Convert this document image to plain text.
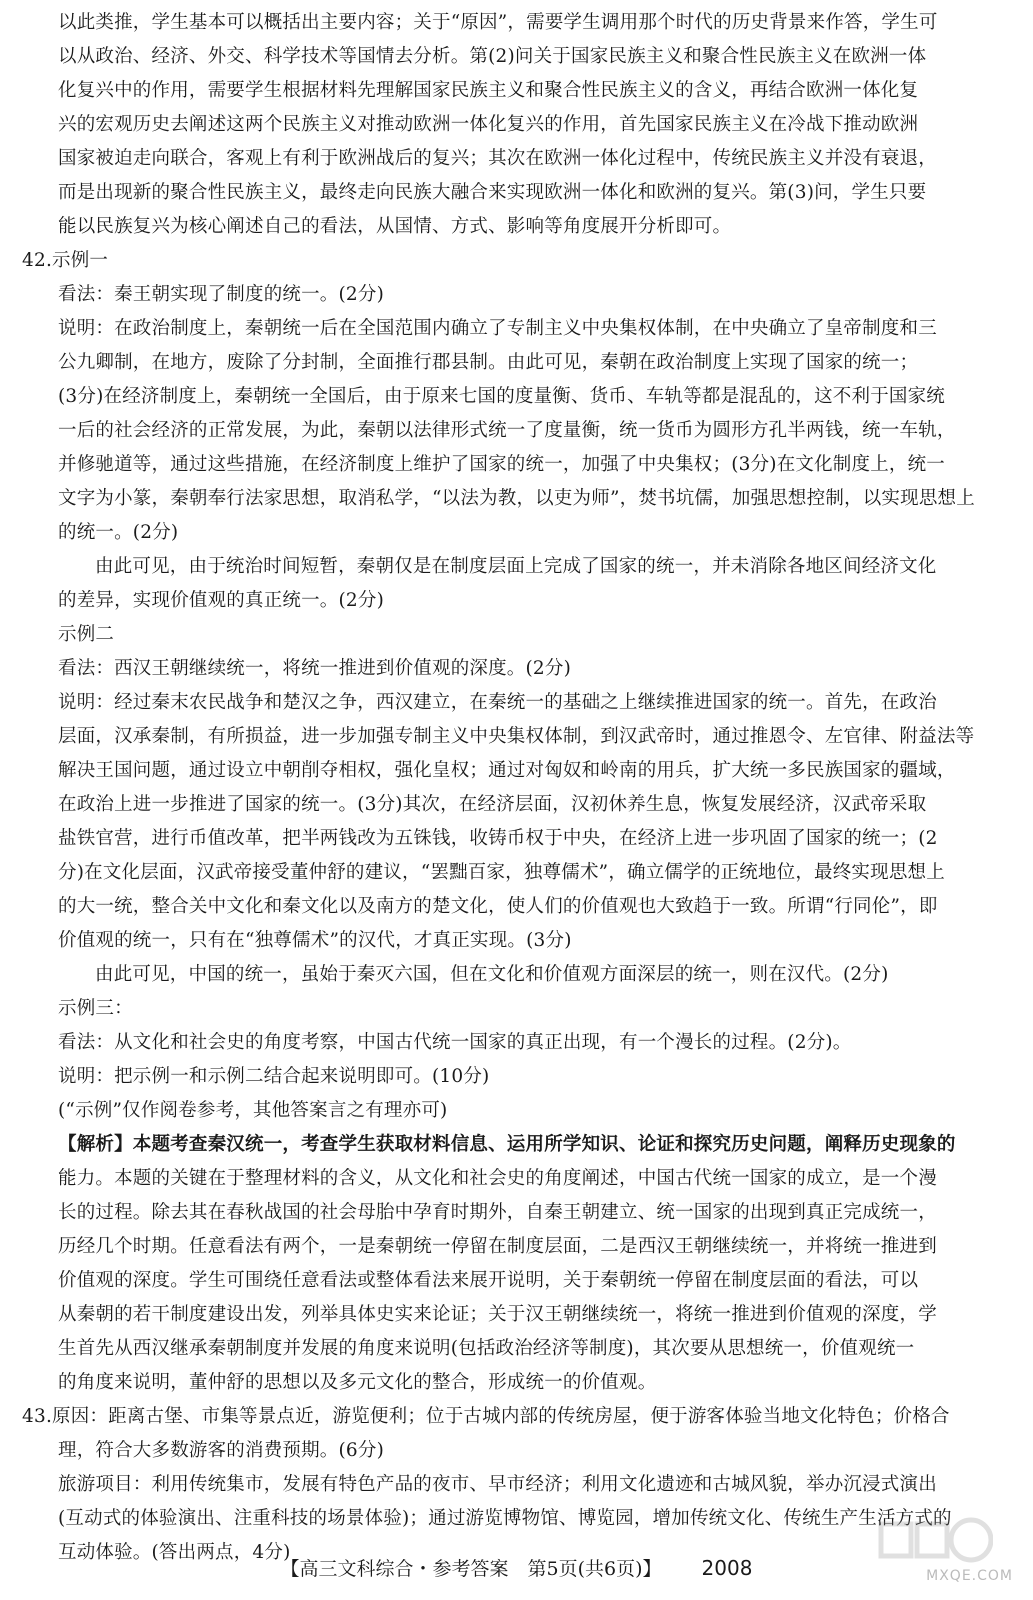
以此类推，学生基本可以概括出主要内容；关于“原因”，需要学生调用那个时代的历史背景来作答，学生可
以从政治、经济、外交、科学技术等国情去分析。第(2)问关于国家民族主义和聚合性民族主义在欧洲一体
化复兴中的作用，需要学生根据材料先理解国家民族主义和聚合性民族主义的含义，再结合欧洲一体化复
兴的宏观历史去阐述这两个民族主义对推动欧洲一体化复兴的作用，首先国家民族主义在冷战下推动欧洲
国家被迫走向联合，客观上有利于欧洲战后的复兴；其次在欧洲一体化过程中，传统民族主义并没有衰退，
而是出现新的聚合性民族主义，最终走向民族大融合来实现欧洲一体化和欧洲的复兴。第(3)问，学生只要
能以民族复兴为核心阐述自己的看法，从国情、方式、影响等角度展开分析即可。
42.示例一
看法：秦王朝实现了制度的统一。(2分)
说明：在政治制度上，秦朝统一后在全国范围内确立了专制主义中央集权体制，在中央确立了皇帝制度和三
公九卿制，在地方，废除了分封制，全面推行郡县制。由此可见，秦朝在政治制度上实现了国家的统一；
(3分)在经济制度上，秦朝统一全国后，由于原来七国的度量衡、货币、车轨等都是混乱的，这不利于国家统
一后的社会经济的正常发展，为此，秦朝以法律形式统一了度量衡，统一货币为圆形方孔半两钱，统一车轨，
并修驰道等，通过这些措施，在经济制度上维护了国家的统一，加强了中央集权；(3分)在文化制度上，统一
文字为小篆，秦朝奉行法家思想，取消私学，“以法为教，以吏为师”，焚书坑儒，加强思想控制，以实现思想上
的统一。(2分)
由此可见，由于统治时间短暂，秦朝仅是在制度层面上完成了国家的统一，并未消除各地区间经济文化
的差异，实现价值观的真正统一。(2分)
示例二
看法：西汉王朝继续统一，将统一推进到价值观的深度。(2分)
说明：经过秦末农民战争和楚汉之争，西汉建立，在秦统一的基础之上继续推进国家的统一。首先，在政治
层面，汉承秦制，有所损益，进一步加强专制主义中央集权体制，到汉武帝时，通过推恩令、左官律、附益法等
解决王国问题，通过设立中朝削夺相权，强化皇权；通过对匈奴和岭南的用兵，扩大统一多民族国家的疆域，
在政治上进一步推进了国家的统一。(3分)其次，在经济层面，汉初休养生息，恢复发展经济，汉武帝采取
盐铁官营，进行币值改革，把半两钱改为五铢钱，收铸币权于中央，在经济上进一步巩固了国家的统一；(2
分)在文化层面，汉武帝接受董仲舒的建议，“罢黜百家，独尊儒术”，确立儒学的正统地位，最终实现思想上
的大一统，整合关中文化和秦文化以及南方的楚文化，使人们的价值观也大致趋于一致。所谓“行同伦”，即
价值观的统一，只有在“独尊儒术”的汉代，才真正实现。(3分)
由此可见，中国的统一，虽始于秦灭六国，但在文化和价值观方面深层的统一，则在汉代。(2分)
示例三：
看法：从文化和社会史的角度考察，中国古代统一国家的真正出现，有一个漫长的过程。(2分)。
说明：把示例一和示例二结合起来说明即可。(10分)
(“示例”仅作阅卷参考，其他答案言之有理亦可)
【解析】本题考查秦汉统一，考查学生获取材料信息、运用所学知识、论证和探究历史问题，阐释历史现象的
能力。本题的关键在于整理材料的含义，从文化和社会史的角度阐述，中国古代统一国家的成立，是一个漫
长的过程。除去其在春秋战国的社会母胎中孕育时期外，自秦王朝建立、统一国家的出现到真正完成统一，
历经几个时期。任意看法有两个，一是秦朝统一停留在制度层面，二是西汉王朝继续统一，并将统一推进到
价值观的深度。学生可围绕任意看法或整体看法来展开说明，关于秦朝统一停留在制度层面的看法，可以
从秦朝的若干制度建设出发，列举具体史实来论证；关于汉王朝继续统一，将统一推进到价值观的深度，学
生首先从西汉继承秦朝制度并发展的角度来说明(包括政治经济等制度)，其次要从思想统一，价值观统一
的角度来说明，董仲舒的思想以及多元文化的整合，形成统一的价值观。
43.原因：距离古堡、市集等景点近，游览便利；位于古城内部的传统房屋，便于游客体验当地文化特色；价格合
理，符合大多数游客的消费预期。(6分)
旅游项目：利用传统集市，发展有特色产品的夜市、早市经济；利用文化遗迹和古城风貌，举办沉浸式演出
(互动式的体验演出、注重科技的场景体验)；通过游览博物馆、博览园，增加传统文化、传统生产生活方式的
互动体验。(答出两点，4分)
【高三文科综合・参考答案　第5页(共6页)】 2008	MXQE.COM
